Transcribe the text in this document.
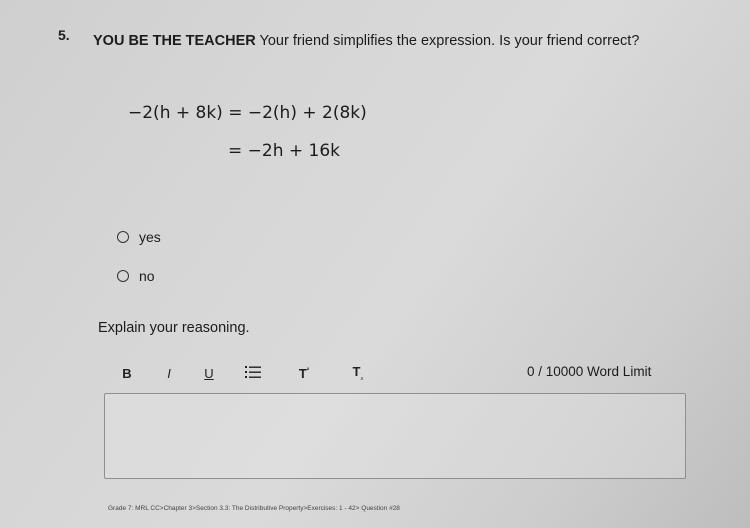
5. YOU BE THE TEACHER Your friend simplifies the expression. Is your friend correct?
−2(h + 8k) = −2(h) + 2(8k)
= −2h + 16k
yes
no
Explain your reasoning.
B	I	U	$T^{^2}$	$T_{_2}$	0 / 10000 Word Limit
Grade 7: MRL CC>Chapter 3>Section 3.3: The Distributive Property>Exercises: 1 - 42> Question #28
